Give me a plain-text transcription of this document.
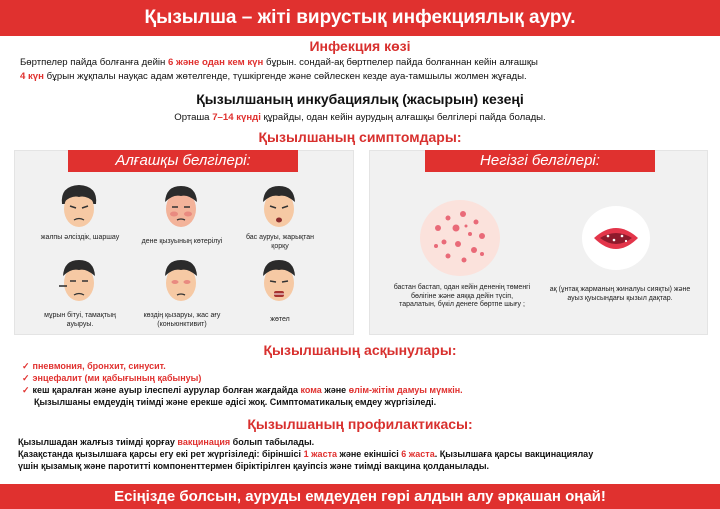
Қызылша – жіті вирустық инфекциялық ауру.
Инфекция көзі
Бөртпелер пайда болғанға дейін 6 және одан кем күн бұрын. сондай-ақ бөртпелер пайда болғаннан кейін алғашқы
4 күн бұрын жұқпалы науқас адам жөтелгенде, түшкіргенде және сөйлескен кезде ауа-тамшылы жолмен жұғады.
Қызылшаның инкубациялық (жасырын) кезеңі
Орташа 7–14 күнді құрайды, одан кейін аурудың алғашқы белгілері пайда болады.
Қызылшаның симптомдары:
Алғашқы белгілері:
жалпы әлсіздік, шаршау
дене қызуының көтерілуі
бас ауруы, жарықтан қорқу
мұрын бітуі, тамақтың ауыруы.
көздің қызаруы, жас ағу (коньюнктивит)
жөтел
Негізгі белгілері:
бастан бастап, одан кейін дененің төменгі бөлігіне және аяққа дейін түсіп, таралатын, бүкіл денеге бөртпе шығу ;
ақ (ұнтақ жарманың жиналуы сияқты) және ауыз қуысындағы қызыл дақтар.
Қызылшаның асқынулары:
✓ пневмония, бронхит, синусит.
✓ энцефалит (ми қабығының қабынуы)
✓ кеш қаралған және ауыр ілеспелі аурулар болған жағдайда кома және өлім-жітім дамуы мүмкін.
Қызылшаны емдеудің тиімді және ерекше әдісі жоқ. Симптоматикалық емдеу жүргізіледі.
Қызылшаның профилактикасы:
Қызылшадан жалғыз тиімді қорғау вакцинация болып табылады.
Қазақстанда қызылшаға қарсы егу екі рет жүргізіледі: біріншісі 1 жаста және екіншісі 6 жаста. Қызылшаға қарсы вакцинациялау
үшін қызамық және паротитті компоненттермен біріктірілген қауіпсіз және тиімді вакцина қолданылады.
Есіңізде болсын, ауруды емдеуден гөрі алдын алу әрқашан оңай!
